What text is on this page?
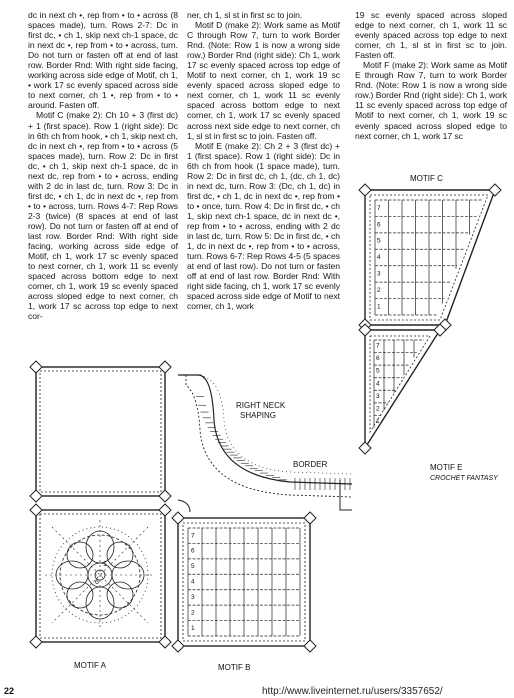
dc in next ch •, rep from • to • across (8 spaces made), turn. Rows 2-7: Dc in first dc, • ch 1, skip next ch-1 space, dc in next dc •, rep from • to • across, turn. Do not turn or fasten off at end of last row. Border Rnd: With right side facing, working across side edge of Motif, ch 1, • work 17 sc evenly spaced across side to next corner, ch 1 •, rep from • to • around. Fasten off.

Motif C (make 2): Ch 10 + 3 (first dc) + 1 (first space). Row 1 (right side): Dc in 6th ch from hook, • ch 1, skip next ch, dc in next ch •, rep from • to • across (5 spaces made), turn. Row 2: Dc in first dc, • ch 1, skip next ch-1 space, dc in next dc, rep from • to • across, ending with 2 dc in last dc, turn. Row 3: Dc in first dc, • ch 1, dc in next dc •, rep from • to • across, turn. Rows 4-7: Rep Rows 2-3 (twice) (8 spaces at end of last row). Do not turn or fasten off at end of last row. Border Rnd: With right side facing, working across side edge of Motif, ch 1, work 17 sc evenly spaced to next corner, ch 1, work 11 sc evenly spaced across bottom edge to next corner, ch 1, work 19 sc evenly spaced across sloped edge to next corner, ch 1, work 17 sc across top edge to next cor-

ner, ch 1, sl st in first sc to join.

Motif D (make 2): Work same as Motif C through Row 7, turn to work Border Rnd. (Note: Row 1 is now a wrong side row.) Border Rnd (right side): Ch 1, work 17 sc evenly spaced across top edge of Motif to next corner, ch 1, work 19 sc evenly spaced across sloped edge to next corner, ch 1, work 11 sc evenly spaced across bottom edge to next corner, ch 1, work 17 sc evenly spaced across next side edge to next corner, ch 1, sl st in first sc to join. Fasten off.

Motif E (make 2): Ch 2 + 3 (first dc) + 1 (first space). Row 1 (right side): Dc in 6th ch from hook (1 space made), turn. Row 2: Dc in first dc, ch 1, (dc, ch 1, dc) in next dc, turn. Row 3: (Dc, ch 1, dc) in first dc, • ch 1, dc in next dc •, rep from • to • once, turn. Row 4: Dc in first dc, • ch 1, skip next ch-1 space, dc in next dc •, rep from • to • across, ending with 2 dc in last dc, turn. Row 5: Dc in first dc, • ch 1, dc in next dc •, rep from • to • across, turn. Rows 6-7: Rep Rows 4-5 (5 spaces at end of last row). Do not turn or fasten off at end of last row. Border Rnd: With right side facing, ch 1, work 17 sc evenly spaced across side edge of Motif to next corner, ch 1, work

19 sc evenly spaced across sloped edge to next corner, ch 1, work 11 sc evenly spaced across top edge to next corner, ch 1, sl st in first sc to join. Fasten off.

Motif F (make 2): Work same as Motif E through Row 7, turn to work Border Rnd. (Note: Row 1 is now a wrong side row.) Border Rnd (right side): Ch 1, work 11 sc evenly spaced across top edge of Motif to next corner, ch 1, work 19 sc evenly spaced across sloped edge to next corner, ch 1, work 17 sc

7
6
5
4
3
2
1
7
6
5
4
3
2
1
7
6
5
4
3
2
1
MOTIF A	MOTIF B
MOTIF C
MOTIF E
RIGHT NECK
SHAPING
BORDER
6
1
CROCHET FANTASY
22	http://www.liveinternet.ru/users/3357652/
